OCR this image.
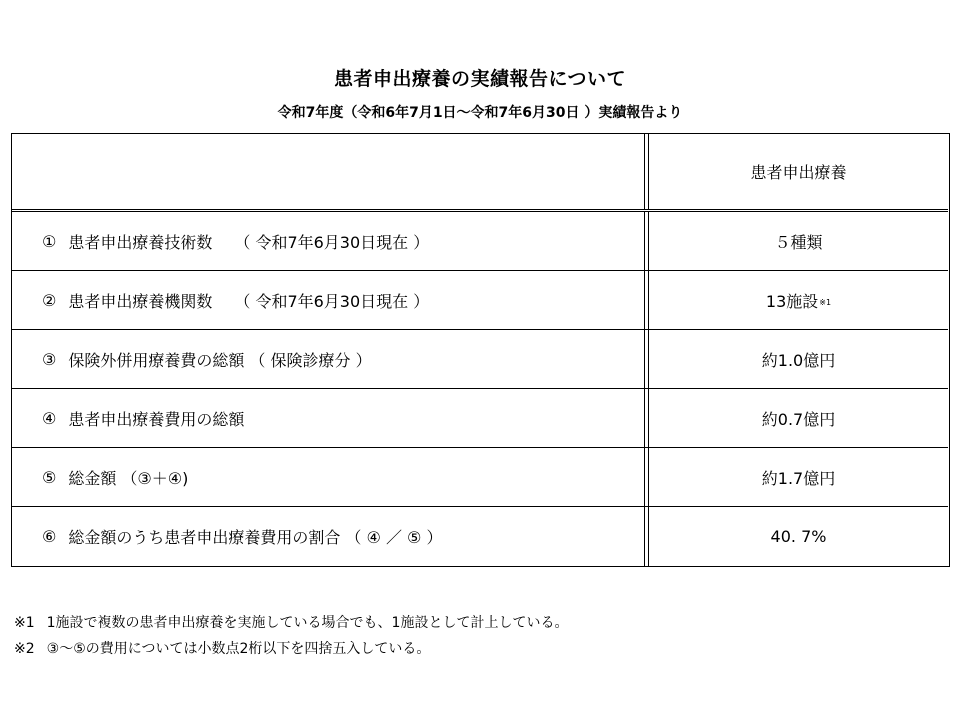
患者申出療養の実績報告について
令和7年度（令和6年7月1日～令和7年6月30日 ）実績報告より
患者申出療養
① 患者申出療養技術数 （ 令和7年6月30日現在 ）	５種類
② 患者申出療養機関数 （ 令和7年6月30日現在 ）	13施設 ※1
③ 保険外併用療養費の総額 （ 保険診療分 ）	約1.0億円
④ 患者申出療養費用の総額	約0.7億円
⑤ 総金額 （③＋④)	約1.7億円
⑥ 総金額のうち患者申出療養費用の割合 （ ④ ／ ⑤ ）	40. 7%
※1 1施設で複数の患者申出療養を実施している場合でも、1施設として計上している。
※2 ③～⑤の費用については小数点2桁以下を四捨五入している。
